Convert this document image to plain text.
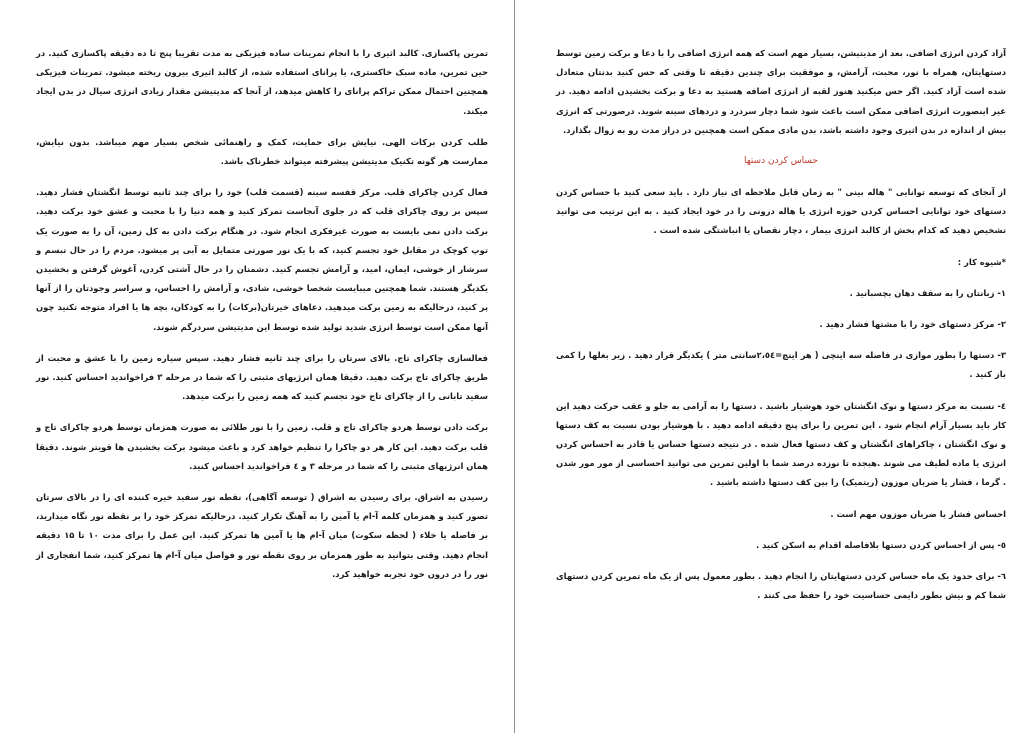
تمرین پاکسازی. کالبد اثیری را با انجام تمرینات ساده فیزیکی به مدت تقریبا پنج تا ده دقیقه پاکسازی کنید. در حین تمرین، ماده سبک خاکستری، یا پرانای استفاده شده، از کالبد اثیری بیرون ریخته میشود. تمرینات فیزیکی همچنین احتمال ممکن تراکم پرانای را کاهش میدهد، از آنجا که مدیتیشن مقدار زیادی انرژی سیال در بدن ایجاد میکند.

طلب کردن برکات الهی. نیایش برای حمایت، کمک و راهنمائی شخص بسیار مهم میباشد. بدون نیایش، ممارست هر گونه تکنیک مدیتیشن پیشرفته میتواند خطرناک باشد.

فعال کردن چاکرای قلب. مرکز قفسه سینه (قسمت قلب) خود را برای چند ثانیه توسط انگشتان فشار دهید. سپس بر روی چاکرای قلب که در جلوی آنجاست تمرکز کنید و همه دنیا را با محبت و عشق خود برکت دهید. برکت دادن نمی بایست به صورت غیرفکری انجام شود. در هنگام برکت دادن به کل زمین، آن را به صورت یک توپ کوچک در مقابل خود تجسم کنید، که با یک نور صورتی متمایل به آبی پر میشود. مردم را در حال تبسم و سرشار از خوشی، ایمان، امید، و آرامش تجسم کنید. دشمنان را در حال آشتی کردن، آغوش گرفتن و بخشیدن یکدیگر هستند. شما همچنین میبایست شخصا خوشی، شادی، و آرامش را احساس، و سراسر وجودتان را از آنها پر کنید، درحالیکه به زمین برکت میدهید. دعاهای خیرتان(برکات) را به کودکان، بچه ها یا افراد متوجه تکنید چون آنها ممکن است توسط انرژی شدید تولید شده توسط این مدیتیشن سردرگم شوند.

فعالسازی چاکرای تاج. بالای سرتان را برای چند ثانیه فشار دهید. سپس سیاره زمین را با عشق و محبت از طریق چاکرای تاج برکت دهید. دقیقا همان انرژیهای مثبتی را که شما در مرحله ۳ فراخواندید احساس کنید. نور سفید تابانی را از چاکرای تاج خود تجسم کنید که همه زمین را برکت میدهد.

برکت دادن توسط هردو چاکرای تاج و قلب. زمین را با نور طلائی به صورت همزمان توسط هردو چاکرای تاج و قلب برکت دهید. این کار هر دو چاکرا را تنظیم خواهد کرد و باعث میشود برکت بخشیدن ها قویتر شوند. دقیقا همان انرژیهای مثبتی را که شما در مرحله ۳ و ٤ فراخواندید احساس کنید.

رسیدن به اشراق. برای رسیدن به اشراق ( توسعه آگاهی)، نقطه نور سفید خیره کننده ای را در بالای سرتان تصور کنید و همزمان کلمه آ-ام یا آمین را به آهنگ تکرار کنید. درحالیکه تمرکز خود را بر نقطه نور نگاه میدارید، بر فاصله یا خلاء ( لحظه سکوت) میان آ-ام ها یا آمین ها تمرکز کنید. این عمل را برای مدت ۱۰ تا ۱۵ دقیقه انجام دهید. وقتی بتوانید به طور همزمان بر روی نقطه نور و فواصل میان آ-ام ها تمرکز کنید، شما انفجاری از نور را در درون خود تجربه خواهید کرد.

آزاد کردن انرژی اضافی. بعد از مدیتیشن، بسیار مهم است که همه انرژی اضافی را با دعا و برکت زمین توسط دستهایتان، همراه با نور، محبت، آرامش، و موفقیت برای چندین دقیقه تا وقتی که حس کنید بدنتان متعادل شده است آزاد کنید. اگر حس میکنید هنوز لقبه از انرژی اضافه هستید به دعا و برکت بخشیدن ادامه دهید. در غیر اینصورت انرژی اضافی ممکن است باعث شود شما دچار سردرد و دردهای سینه شوید. درصورتی که انرژی بیش از اندازه در بدن اثیری وجود داشته باشد، بدن مادی ممکن است همچنین در دراز مدت رو به زوال بگذارد.

حساس کردن دستها

از آنجای که توسعه توانایی " هاله بینی " به زمان قابل ملاحظه ای نیاز دارد . باید سعی کنید با حساس کردن دستهای خود توانایی احساس کردن حوزه انرژی یا هاله درونی را در خود ایجاد کنید . به این ترتیب می توانید تشخیص دهید که کدام بخش از کالبد انرژی بیمار ، دچار نقصان یا انباشتگی شده است .

*شیوه کار :

١- زبانتان را به سقف دهان بچسبانید .

٢- مرکز دستهای خود را با مشتها فشار دهید .

٣- دستها را بطور موازی در فاصله سه اینچی ( هر اینچ=٢،٥٤سانتی متر ) یکدیگر قرار دهید . زیر بغلها را کمی باز کنید .

٤- نسبت به مرکز دستها و نوک انگشتان خود هوشیار باشید . دستها را به آرامی به جلو و عقب حرکت دهید این کار باید بسیار آرام انجام شود . این تمرین را برای پنج دقیقه ادامه دهید . با هوشیار بودن نسبت به کف دستها و نوک انگشتان ، چاکراهای انگشتان و کف دستها فعال شده . در نتیجه دستها حساس یا قادر به احساس کردن انرژی یا ماده لطیف می شوند .هیجده تا نوزده درصد شما با اولین تمرین می توانید احساسی از مور مور شدن . گرما ، فشار یا ضربان موزون (ریتمیک) را بین کف دستها داشته باشید .

احساس فشار یا ضربان موزون مهم است .

٥- پس از احساس کردن دستها بلافاصله اقدام به اسکن کنید .

٦- برای حدود یک ماه حساس کردن دستهایتان را انجام دهید . بطور معمول پس از یک ماه تمرین کردن دستهای شما کم و بیش بطور دایمی حساسیت خود را حفظ می کنند .
